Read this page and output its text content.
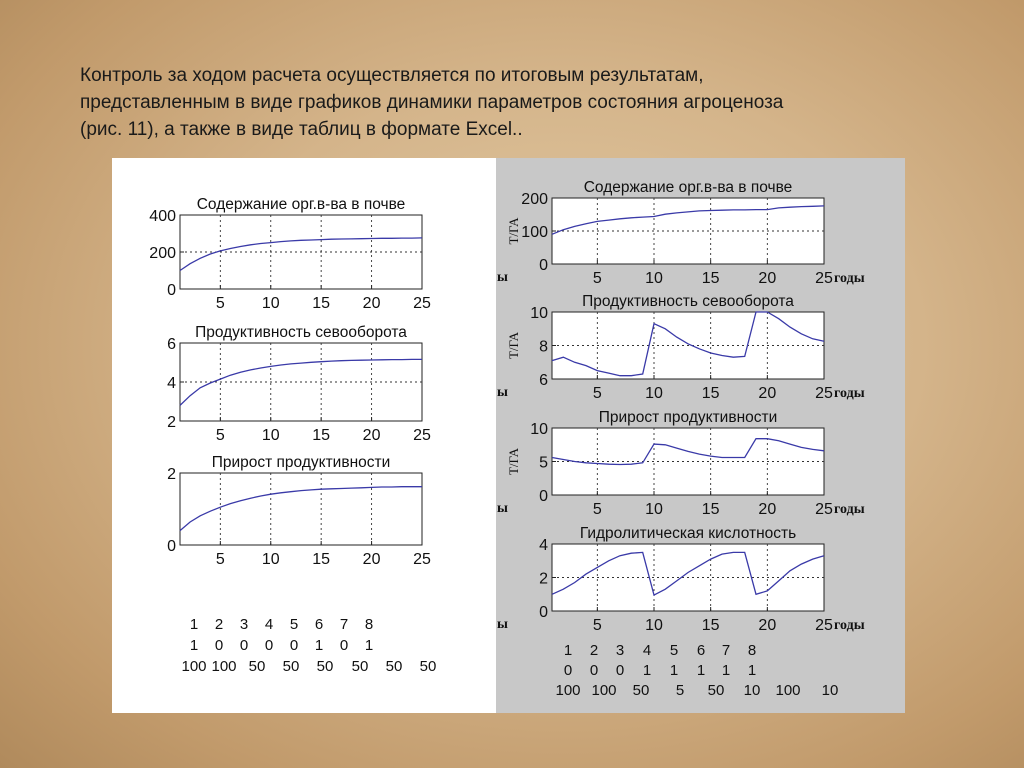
Контроль за ходом расчета осуществляется по итоговым результатам,

представленным в виде графиков динамики параметров состояния агроценоза

(рис. 11), а также в виде таблиц в формате Excel..

5 10 15 20 25
0
200
400
Содержание орг.в-ва в почве
5 10 15 20 25
2
4
6
Продуктивность севооборота
5 10 15 20 25
0
2
Прирост продуктивности
5	10 15 20 25
0
100
200
Содержание орг.в-ва в почве
Т/ГА
годы
5	10 15 20 25
6
8
10
Продуктивность севооборота
Т/ГА
годы
5	10 15 20 25
0
5
10
Прирост продуктивности
Т/ГА
годы
5	10 15 20 25
0
2
4
Гидролитическая кислотность
годы
ы
ы
ы
ы
1 2 3 4 5 6 7 8
1 0 0 0 0 1 0 1
100 100 50 50 50 50 50 50
1 2 3 4 5 6 7 8
0 0 0 1 1 1 1 1
100 100 50 5 50 10 100 10
